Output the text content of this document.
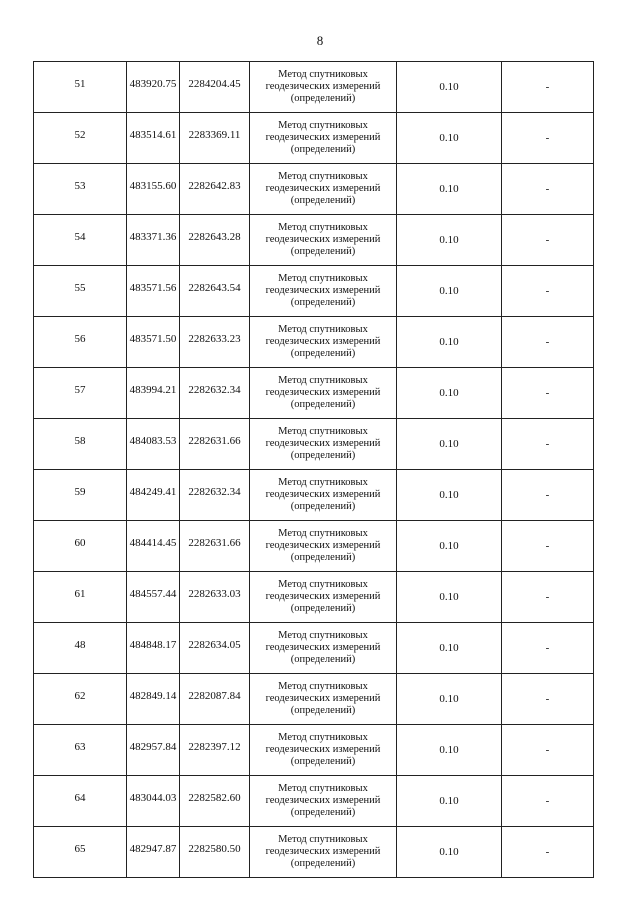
8
51	483920.75	2284204.45	Метод спутниковых
геодезических измерений
(определений)	0.10	-
52	483514.61	2283369.11	Метод спутниковых
геодезических измерений
(определений)	0.10	-
53	483155.60	2282642.83	Метод спутниковых
геодезических измерений
(определений)	0.10	-
54	483371.36	2282643.28	Метод спутниковых
геодезических измерений
(определений)	0.10	-
55	483571.56	2282643.54	Метод спутниковых
геодезических измерений
(определений)	0.10	-
56	483571.50	2282633.23	Метод спутниковых
геодезических измерений
(определений)	0.10	-
57	483994.21	2282632.34	Метод спутниковых
геодезических измерений
(определений)	0.10	-
58	484083.53	2282631.66	Метод спутниковых
геодезических измерений
(определений)	0.10	-
59	484249.41	2282632.34	Метод спутниковых
геодезических измерений
(определений)	0.10	-
60	484414.45	2282631.66	Метод спутниковых
геодезических измерений
(определений)	0.10	-
61	484557.44	2282633.03	Метод спутниковых
геодезических измерений
(определений)	0.10	-
48	484848.17	2282634.05	Метод спутниковых
геодезических измерений
(определений)	0.10	-
62	482849.14	2282087.84	Метод спутниковых
геодезических измерений
(определений)	0.10	-
63	482957.84	2282397.12	Метод спутниковых
геодезических измерений
(определений)	0.10	-
64	483044.03	2282582.60	Метод спутниковых
геодезических измерений
(определений)	0.10	-
65	482947.87	2282580.50	Метод спутниковых
геодезических измерений
(определений)	0.10	-
